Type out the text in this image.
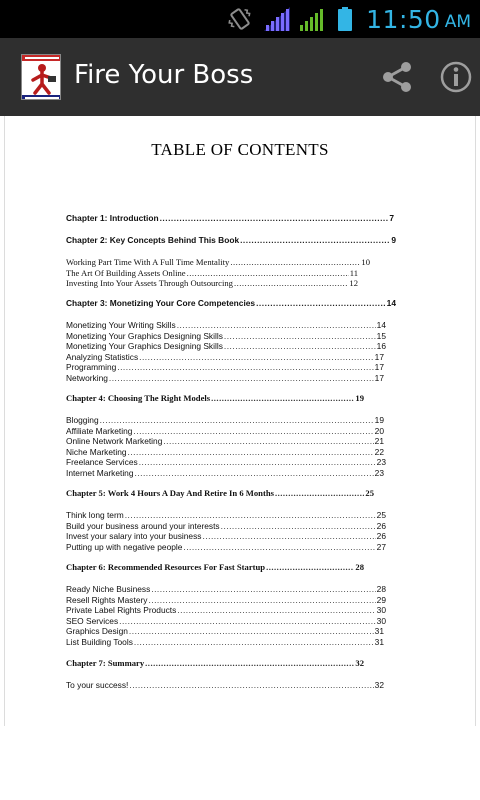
11:50 AM
Fire Your Boss
TABLE OF CONTENTS
Chapter 1: Introduction .....	7
Chapter 2: Key Concepts Behind This Book .....	9
Working Part Time With A Full Time Mentality .....	10
The Art Of Building Assets Online .....	11
Investing Into Your Assets Through Outsourcing .....	12
Chapter 3: Monetizing Your Core Competencies .....	14
Monetizing Your Writing Skills .....	14
Monetizing Your Graphics Designing Skills .....	15
Monetizing Your Graphics Designing Skills .....	16
Analyzing Statistics .....	17
Programming .....	17
Networking .....	17
Chapter 4: Choosing The Right Models .....	19
Blogging .....	19
Affiliate Marketing .....	20
Online Network Marketing .....	21
Niche Marketing .....	22
Freelance Services .....	23
Internet Marketing .....	23
Chapter 5: Work 4 Hours A Day And Retire In 6 Months .....	25
Think long term .....	25
Build your business around your interests .....	26
Invest your salary into your business .....	26
Putting up with negative people .....	27
Chapter 6: Recommended Resources For Fast Startup .....	28
Ready Niche Business .....	28
Resell Rights Mastery .....	29
Private Label Rights Products .....	30
SEO Services .....	30
Graphics Design .....	31
List Building Tools .....	31
Chapter 7: Summary .....	32
To your success! .....	32
